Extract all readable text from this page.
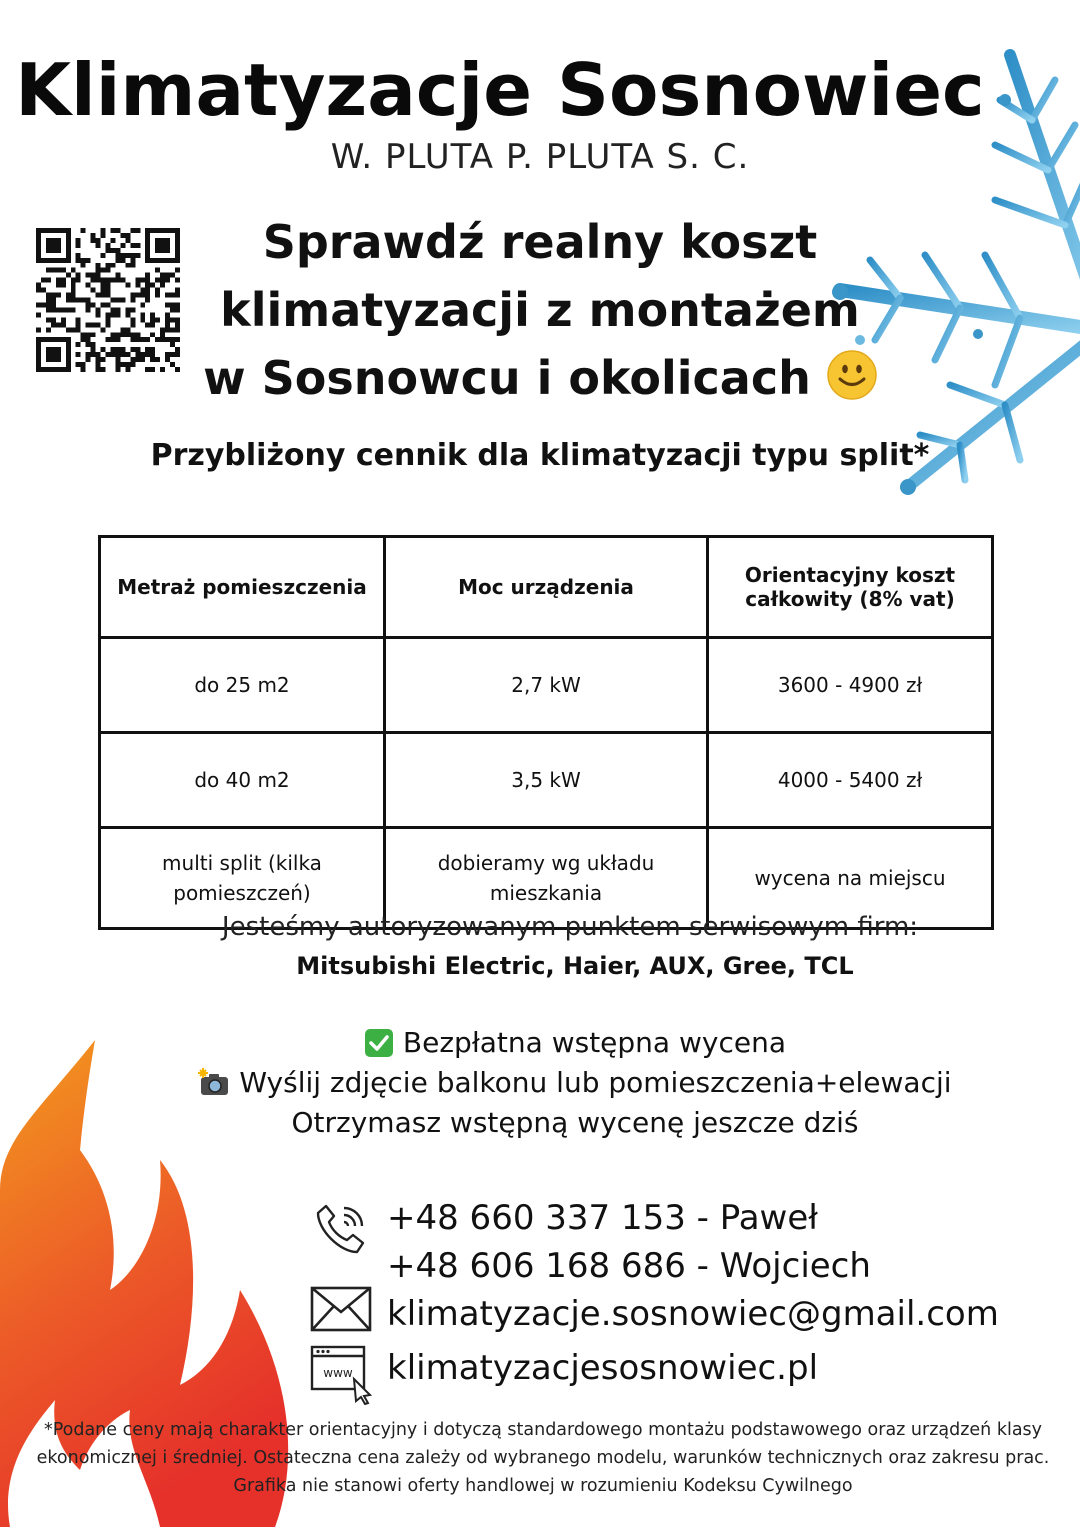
Klimatyzacje Sosnowiec
W. PLUTA P. PLUTA S. C.
Sprawdź realny koszt
klimatyzacji z montażem
w Sosnowcu i okolicach
Przybliżony cennik dla klimatyzacji typu split*
Metraż pomieszczenia	Moc urządzenia	Orientacyjny koszt całkowity (8% vat)
do 25 m2	2,7 kW	3600 - 4900 zł
do 40 m2	3,5 kW	4000 - 5400 zł
multi split (kilka pomieszczeń)	dobieramy wg układu mieszkania	wycena na miejscu
Jesteśmy autoryzowanym punktem serwisowym firm:
Mitsubishi Electric, Haier, AUX, Gree, TCL
Bezpłatna wstępna wycena
Wyślij zdjęcie balkonu lub pomieszczenia+elewacji
Otrzymasz wstępną wycenę jeszcze dziś
www
+48 660 337 153 - Paweł
+48 606 168 686 - Wojciech
klimatyzacje.sosnowiec@gmail.com
klimatyzacjesosnowiec.pl
*Podane ceny mają charakter orientacyjny i dotyczą standardowego montażu podstawowego oraz urządzeń klasy ekonomicznej i średniej. Ostateczna cena zależy od wybranego modelu, warunków technicznych oraz zakresu prac. Grafika nie stanowi oferty handlowej w rozumieniu Kodeksu Cywilnego
